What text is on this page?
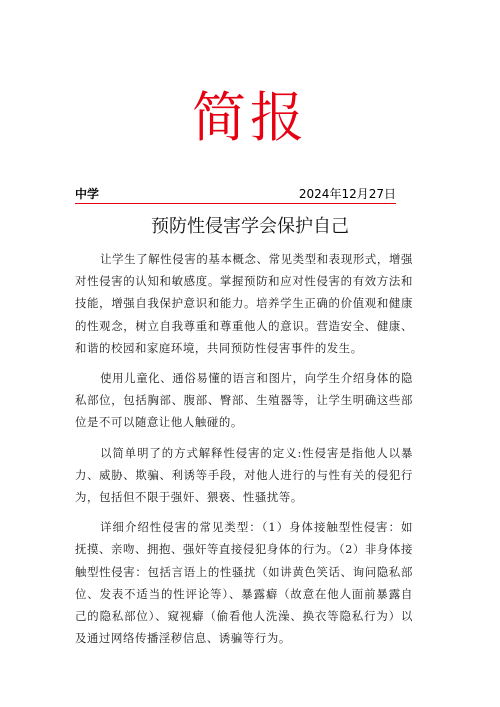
简报
中学	2024年12月27日
预防性侵害学会保护自己

让学生了解性侵害的基本概念、常见类型和表现形式，增强对性侵害的认知和敏感度。掌握预防和应对性侵害的有效方法和技能，增强自我保护意识和能力。培养学生正确的价值观和健康的性观念，树立自我尊重和尊重他人的意识。营造安全、健康、和谐的校园和家庭环境，共同预防性侵害事件的发生。

使用儿童化、通俗易懂的语言和图片，向学生介绍身体的隐私部位，包括胸部、腹部、臀部、生殖器等，让学生明确这些部位是不可以随意让他人触碰的。

以简单明了的方式解释性侵害的定义:性侵害是指他人以暴力、威胁、欺骗、利诱等手段，对他人进行的与性有关的侵犯行为，包括但不限于强奸、猥亵、性骚扰等。

详细介绍性侵害的常见类型：（1）身体接触型性侵害：如抚摸、亲吻、拥抱、强奸等直接侵犯身体的行为。（2）非身体接触型性侵害：包括言语上的性骚扰（如讲黄色笑话、询问隐私部位、发表不适当的性评论等）、暴露癖（故意在他人面前暴露自己的隐私部位）、窥视癖（偷看他人洗澡、换衣等隐私行为）以及通过网络传播淫秽信息、诱骗等行为。
